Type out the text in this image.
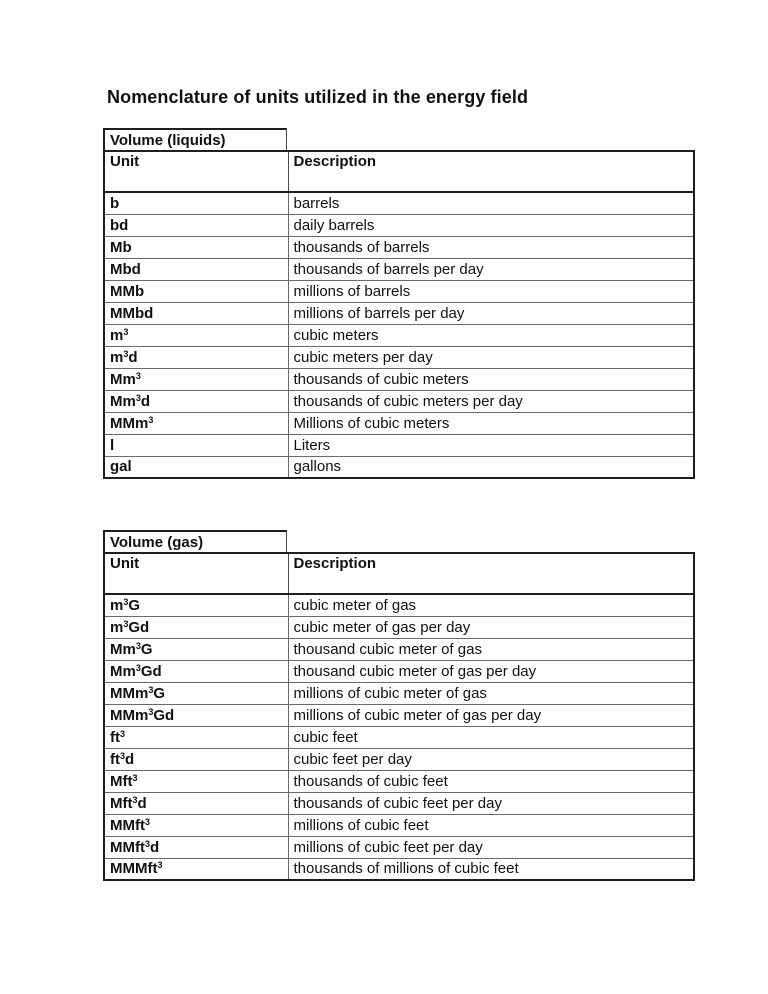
Nomenclature of units utilized in the energy field
Volume (liquids)
Unit	Description
b	barrels
bd	daily barrels
Mb	thousands of barrels
Mbd	thousands of barrels per day
MMb	millions of barrels
MMbd	millions of barrels per day
$m^3$	cubic meters
$m^3d$	cubic meters per day
Mm$^3$	thousands of cubic meters
Mm$^3$d	thousands of cubic meters per day
MMm$^3$	Millions of cubic meters
l	Liters
gal	gallons
Volume (gas)
Unit	Description
$m^3G$	cubic meter of gas
$m^3Gd$	cubic meter of gas per day
Mm$^3$G	thousand cubic meter of gas
Mm$^3$Gd	thousand cubic meter of gas per day
MMm$^3$G	millions of cubic meter of gas
MMm$^3$Gd	millions of cubic meter of gas per day
$ft^3$	cubic feet
$ft^3d$	cubic feet per day
Mft$^3$	thousands of cubic feet
Mft$^3$d	thousands of cubic feet per day
MMft$^3$	millions of cubic feet
MMft$^3$d	millions of cubic feet per day
MMMft$^3$	thousands of millions of cubic feet
